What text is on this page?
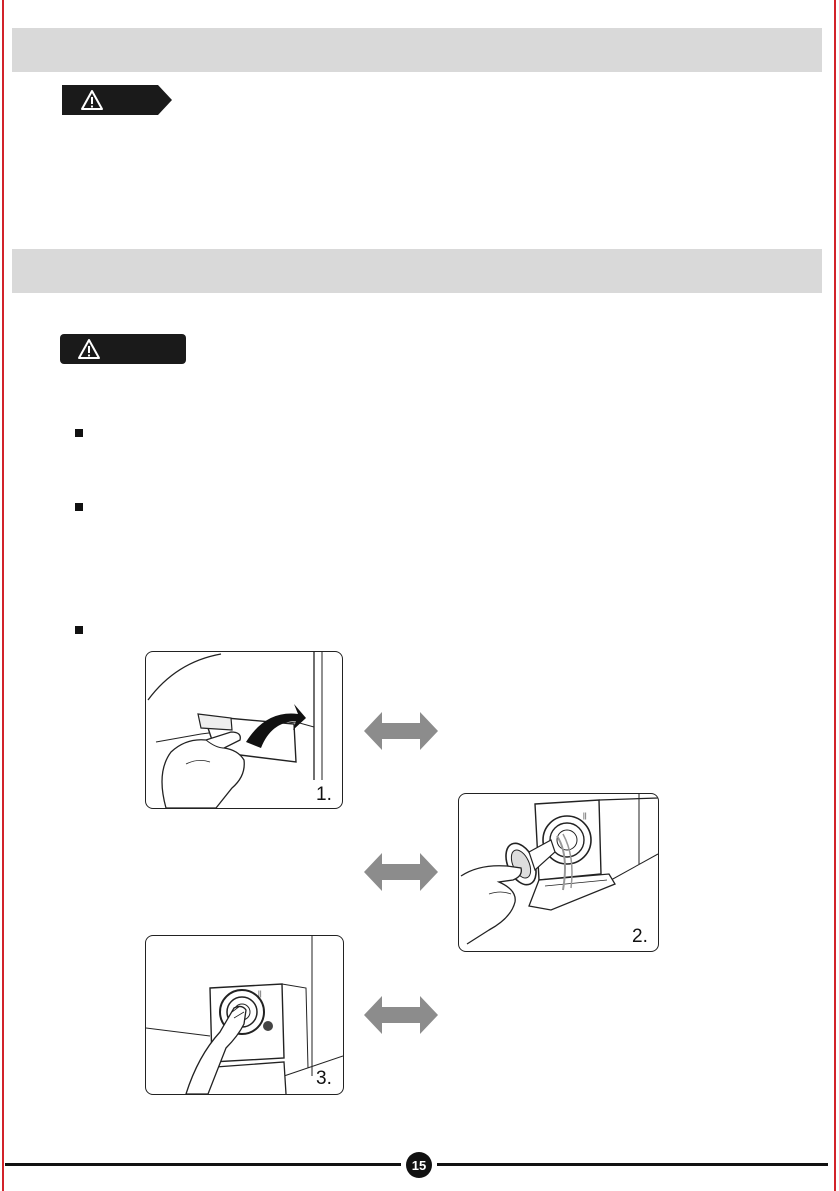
1.
||
2.
||
3.
15
